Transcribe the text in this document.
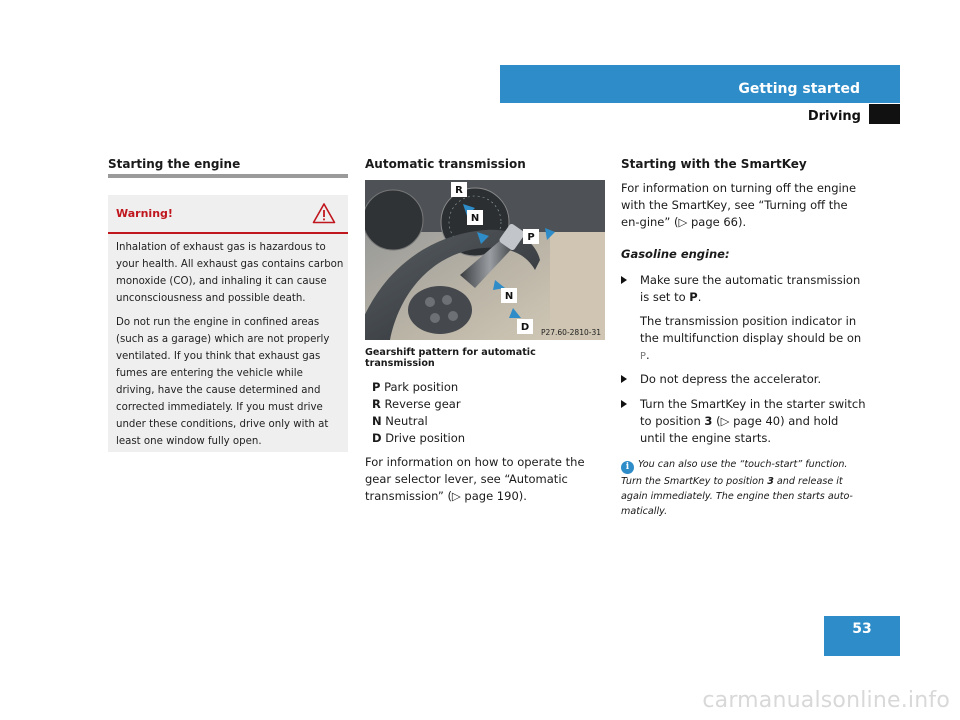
Getting started
Driving
Starting the engine
Warning!
Inhalation of exhaust gas is hazardous to your health. All exhaust gas contains carbon monoxide (CO), and inhaling it can cause unconsciousness and possible death.
Do not run the engine in confined areas (such as a garage) which are not properly ventilated. If you think that exhaust gas fumes are entering the vehicle while driving, have the cause determined and corrected immediately. If you must drive under these conditions, drive only with at least one window fully open.
Automatic transmission
R
N
P
N
D P27.60-2810-31
Gearshift pattern for automatic transmission
P Park position
R Reverse gear
N Neutral
D Drive position
For information on how to operate the gear selector lever, see “Automatic transmission” (▷ page 190).
Starting with the SmartKey
For information on turning off the engine with the SmartKey, see “Turning off the en-gine” (▷ page 66).
Gasoline engine:
Make sure the automatic transmission is set to P.
The transmission position indicator in the multifunction display should be on P.
Do not depress the accelerator.
Turn the SmartKey in the starter switch to position 3 (▷ page 40) and hold until the engine starts.
i You can also use the “touch-start” function. Turn the SmartKey to position 3 and release it again immediately. The engine then starts auto-matically.
53
carmanualsonline.info
